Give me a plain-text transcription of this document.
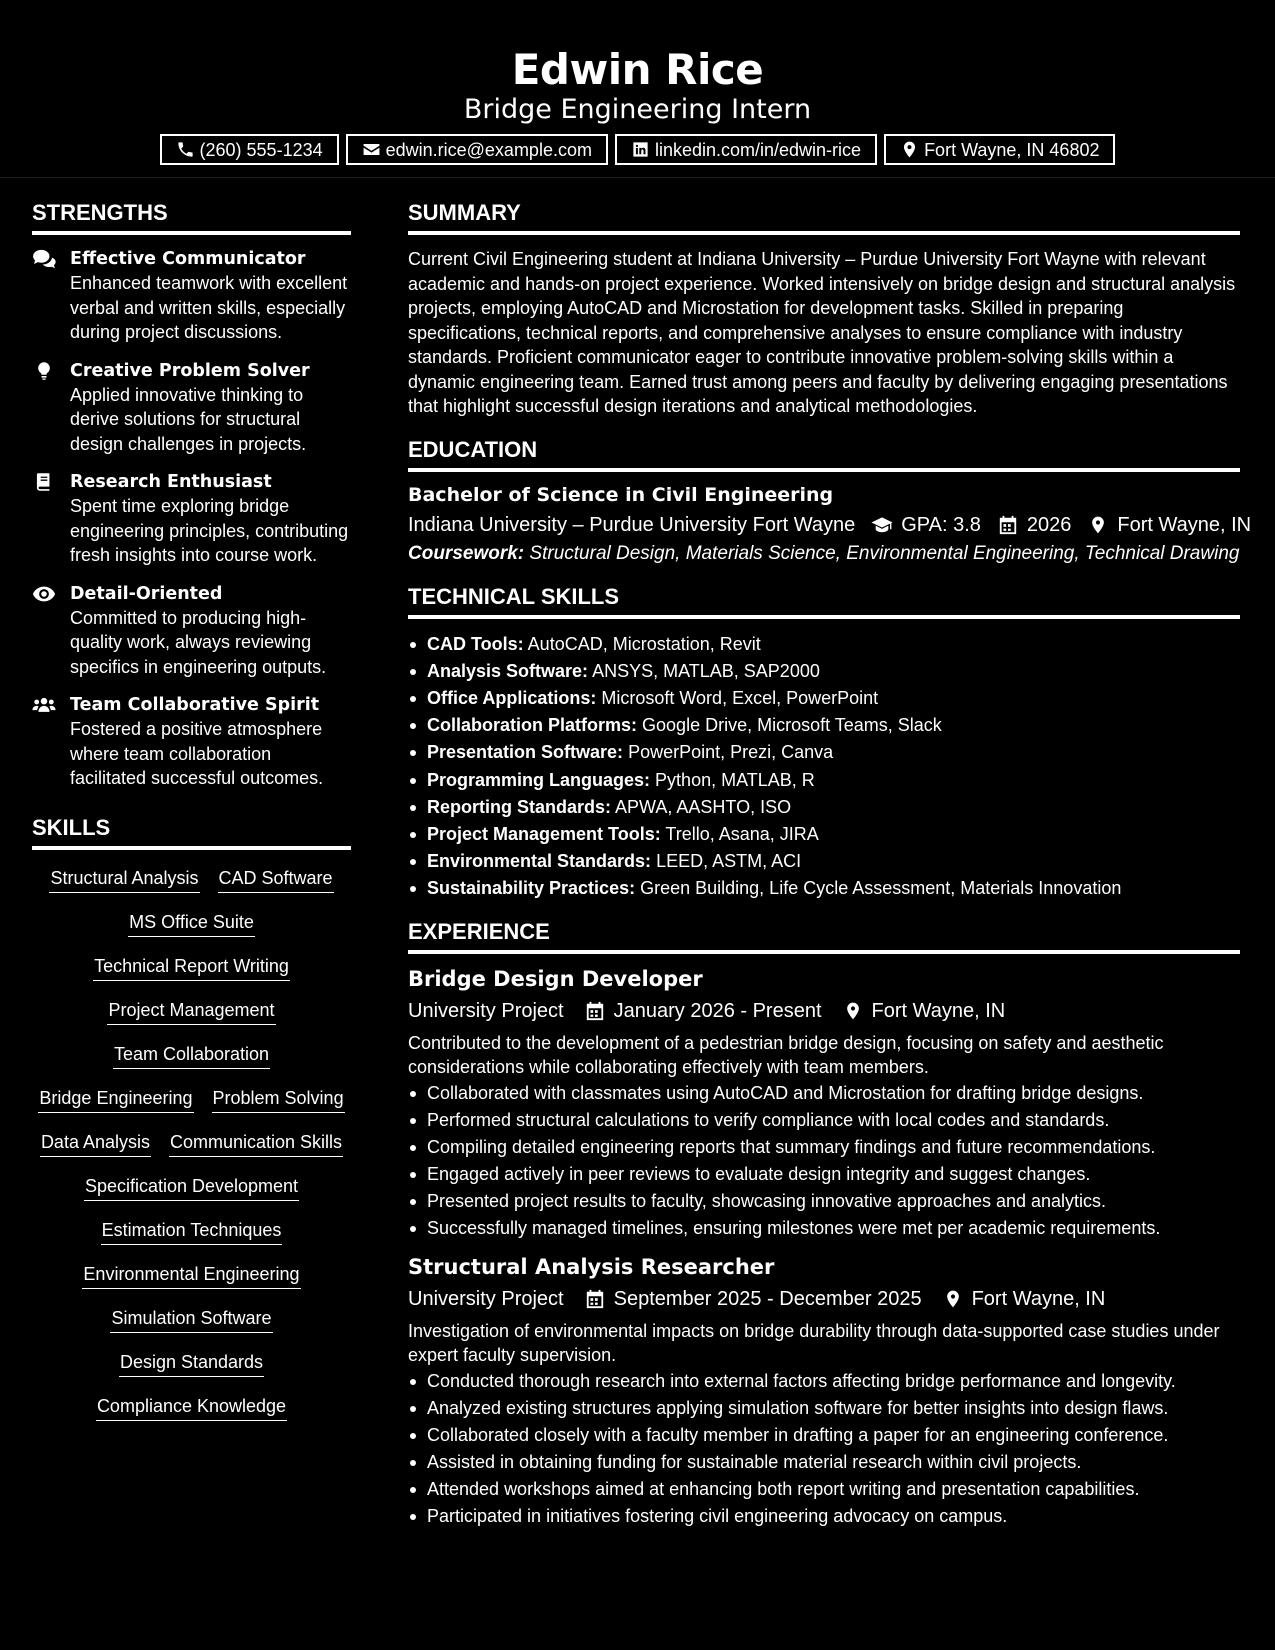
Edwin Rice
Bridge Engineering Intern
(260) 555-1234	edwin.rice@example.com	linkedin.com/in/edwin-rice	Fort Wayne, IN 46802
STRENGTHS
Effective Communicator
Enhanced teamwork with excellent verbal and written skills, especially during project discussions.
Creative Problem Solver
Applied innovative thinking to derive solutions for structural design challenges in projects.
Research Enthusiast
Spent time exploring bridge engineering principles, contributing fresh insights into course work.
Detail-Oriented
Committed to producing high-quality work, always reviewing specifics in engineering outputs.
Team Collaborative Spirit
Fostered a positive atmosphere where team collaboration facilitated successful outcomes.
SKILLS
Structural Analysis CAD Software
MS Office Suite
Technical Report Writing
Project Management
Team Collaboration
Bridge Engineering Problem Solving
Data Analysis Communication Skills
Specification Development
Estimation Techniques
Environmental Engineering
Simulation Software
Design Standards
Compliance Knowledge
SUMMARY
Current Civil Engineering student at Indiana University – Purdue University Fort Wayne with relevant academic and hands-on project experience. Worked intensively on bridge design and structural analysis projects, employing AutoCAD and Microstation for development tasks. Skilled in preparing specifications, technical reports, and comprehensive analyses to ensure compliance with industry standards. Proficient communicator eager to contribute innovative problem-solving skills within a dynamic engineering team. Earned trust among peers and faculty by delivering engaging presentations that highlight successful design iterations and analytical methodologies.
EDUCATION
Bachelor of Science in Civil Engineering
Indiana University – Purdue University Fort Wayne GPA: 3.8 2026 Fort Wayne, IN
Coursework: Structural Design, Materials Science, Environmental Engineering, Technical Drawing
TECHNICAL SKILLS
CAD Tools: AutoCAD, Microstation, Revit
Analysis Software: ANSYS, MATLAB, SAP2000
Office Applications: Microsoft Word, Excel, PowerPoint
Collaboration Platforms: Google Drive, Microsoft Teams, Slack
Presentation Software: PowerPoint, Prezi, Canva
Programming Languages: Python, MATLAB, R
Reporting Standards: APWA, AASHTO, ISO
Project Management Tools: Trello, Asana, JIRA
Environmental Standards: LEED, ASTM, ACI
Sustainability Practices: Green Building, Life Cycle Assessment, Materials Innovation
EXPERIENCE
Bridge Design Developer
University Project	January 2026 - Present	Fort Wayne, IN
Contributed to the development of a pedestrian bridge design, focusing on safety and aesthetic considerations while collaborating effectively with team members.
Collaborated with classmates using AutoCAD and Microstation for drafting bridge designs.
Performed structural calculations to verify compliance with local codes and standards.
Compiling detailed engineering reports that summary findings and future recommendations.
Engaged actively in peer reviews to evaluate design integrity and suggest changes.
Presented project results to faculty, showcasing innovative approaches and analytics.
Successfully managed timelines, ensuring milestones were met per academic requirements.
Structural Analysis Researcher
University Project	September 2025 - December 2025	Fort Wayne, IN
Investigation of environmental impacts on bridge durability through data-supported case studies under expert faculty supervision.
Conducted thorough research into external factors affecting bridge performance and longevity.
Analyzed existing structures applying simulation software for better insights into design flaws.
Collaborated closely with a faculty member in drafting a paper for an engineering conference.
Assisted in obtaining funding for sustainable material research within civil projects.
Attended workshops aimed at enhancing both report writing and presentation capabilities.
Participated in initiatives fostering civil engineering advocacy on campus.
